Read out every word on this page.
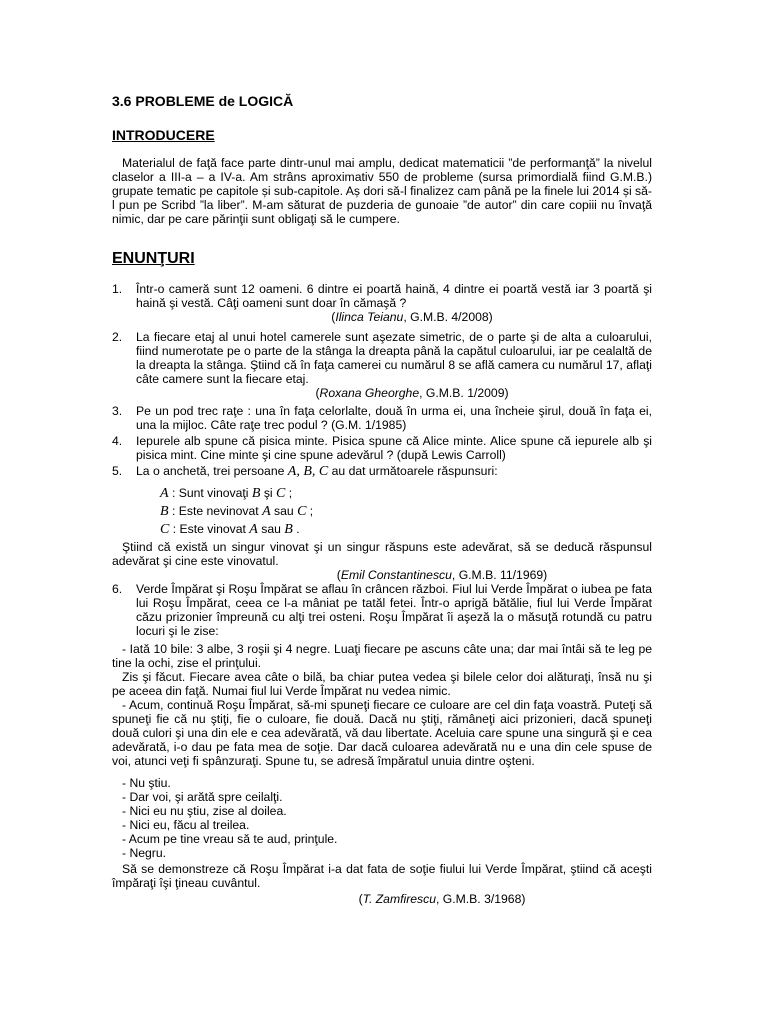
3.6 PROBLEME de LOGICĂ
INTRODUCERE
Materialul de faţă face parte dintr-unul mai amplu, dedicat matematicii ”de performanţă” la nivelul claselor a III-a – a IV-a. Am strâns aproximativ 550 de probleme (sursa primordială fiind G.M.B.) grupate tematic pe capitole și sub-capitole. Aș dori să-l finalizez cam până pe la finele lui 2014 și să-l pun pe Scribd ”la liber”. M-am săturat de puzderia de gunoaie ”de autor” din care copiii nu învaţă nimic, dar pe care părinţii sunt obligaţi să le cumpere.
ENUNŢURI
1.	Într-o cameră sunt 12 oameni. 6 dintre ei poartă haină, 4 dintre ei poartă vestă iar 3 poartă şi haină şi vestă. Câţi oameni sunt doar în cămaşă ?
(Ilinca Teianu, G.M.B. 4/2008)
2.	La fiecare etaj al unui hotel camerele sunt aşezate simetric, de o parte şi de alta a culoarului, fiind numerotate pe o parte de la stânga la dreapta până la capătul culoarului, iar pe cealaltă de la dreapta la stânga. Ştiind că în faţa camerei cu numărul 8 se află camera cu numărul 17, aflaţi câte camere sunt la fiecare etaj.
(Roxana Gheorghe, G.M.B. 1/2009)
3.	Pe un pod trec raţe : una în faţa celorlalte, două în urma ei, una încheie şirul, două în faţa ei, una la mijloc. Câte raţe trec podul ? (G.M. 1/1985)
4.	Iepurele alb spune că pisica minte. Pisica spune că Alice minte. Alice spune că iepurele alb şi pisica mint. Cine minte şi cine spune adevărul ? (după Lewis Carroll)
5.	La o anchetă, trei persoane A, B, C au dat următoarele răspunsuri:
A : Sunt vinovaţi B şi C ;
B : Este nevinovat A sau C ;
C : Este vinovat A sau B .
Ştiind că există un singur vinovat şi un singur răspuns este adevărat, să se deducă răspunsul adevărat şi cine este vinovatul.
(Emil Constantinescu, G.M.B. 11/1969)
6.	Verde Împărat şi Roşu Împărat se aflau în crâncen război. Fiul lui Verde Împărat o iubea pe fata lui Roşu Împărat, ceea ce l-a mâniat pe tatăl fetei. Într-o aprigă bătălie, fiul lui Verde Împărat căzu prizonier împreună cu alţi trei osteni. Roşu Împărat îi aşeză la o măsuţă rotundă cu patru locuri şi le zise:
- Iată 10 bile: 3 albe, 3 roşii şi 4 negre. Luaţi fiecare pe ascuns câte una; dar mai întâi să te leg pe tine la ochi, zise el prinţului.
Zis şi făcut. Fiecare avea câte o bilă, ba chiar putea vedea şi bilele celor doi alăturaţi, însă nu şi pe aceea din faţă. Numai fiul lui Verde Împărat nu vedea nimic.
- Acum, continuă Roşu Împărat, să-mi spuneţi fiecare ce culoare are cel din faţa voastră. Puteţi să spuneţi fie că nu ştiţi, fie o culoare, fie două. Dacă nu ştiţi, rămâneţi aici prizonieri, dacă spuneţi două culori şi una din ele e cea adevărată, vă dau libertate. Aceluia care spune una singură şi e cea adevărată, i-o dau pe fata mea de soţie. Dar dacă culoarea adevărată nu e una din cele spuse de voi, atunci veţi fi spânzuraţi. Spune tu, se adresă împăratul unuia dintre oşteni.
- Nu ştiu.
- Dar voi, şi arătă spre ceilalţi.
- Nici eu nu ştiu, zise al doilea.
- Nici eu, făcu al treilea.
- Acum pe tine vreau să te aud, prinţule.
- Negru.
Să se demonstreze că Roşu Împărat i-a dat fata de soţie fiului lui Verde Împărat, ştiind că aceşti împăraţi îşi ţineau cuvântul.
(T. Zamfirescu, G.M.B. 3/1968)
